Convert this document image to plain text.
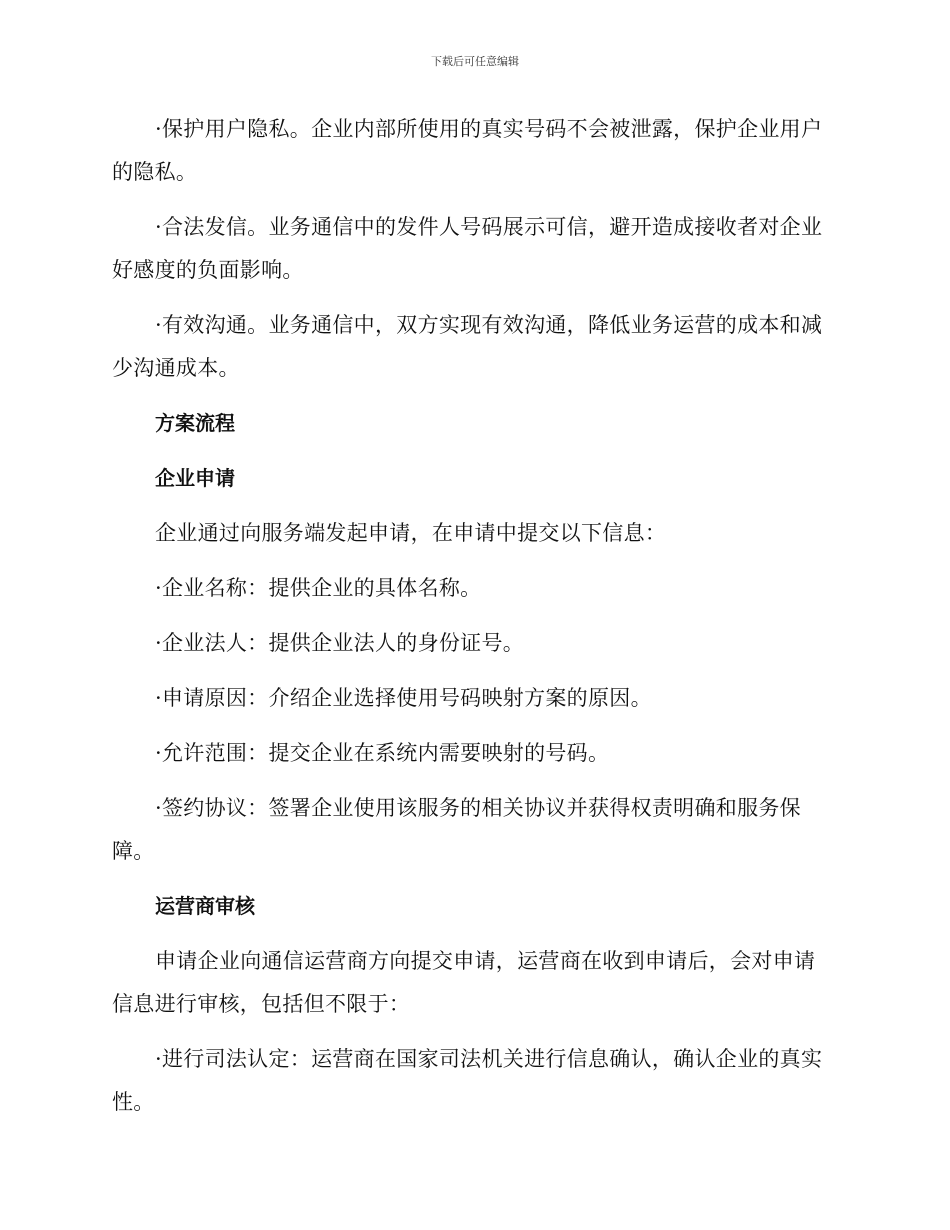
下载后可任意编辑

·保护用户隐私。企业内部所使用的真实号码不会被泄露，保护企业用户的隐私。

·合法发信。业务通信中的发件人号码展示可信，避开造成接收者对企业好感度的负面影响。

·有效沟通。业务通信中，双方实现有效沟通，降低业务运营的成本和减少沟通成本。

方案流程
企业申请

企业通过向服务端发起申请，在申请中提交以下信息：

·企业名称：提供企业的具体名称。

·企业法人：提供企业法人的身份证号。

·申请原因：介绍企业选择使用号码映射方案的原因。

·允许范围：提交企业在系统内需要映射的号码。

·签约协议：签署企业使用该服务的相关协议并获得权责明确和服务保障。

运营商审核

申请企业向通信运营商方向提交申请，运营商在收到申请后，会对申请信息进行审核，包括但不限于：

·进行司法认定：运营商在国家司法机关进行信息确认，确认企业的真实性。
